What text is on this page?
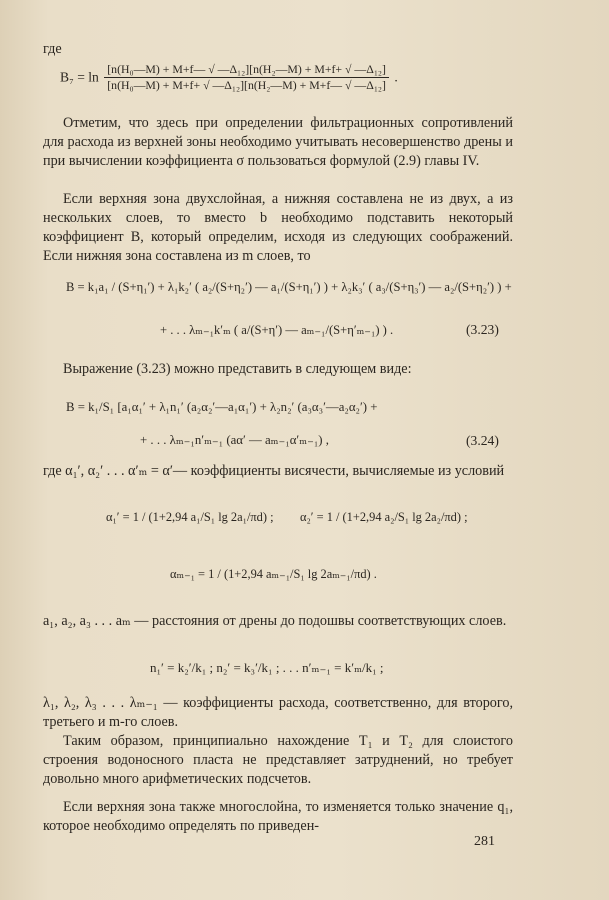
где
$B_7 = \ln \frac{\text{[n(H₀—M) + M+f— √ —Δ₁₂][n(H₂—M) + M+f+ √ —Δ₁₂]}}{\text{[n(H₀—M) + M+f+ √ —Δ₁₂][n(H₂—M) + M+f— √ —Δ₁₂]}}$ .
Отметим, что здесь при определении фильтрационных сопротивлений для расхода из верхней зоны необходимо учитывать несовершенство дрены и при вычислении коэффициента σ пользоваться формулой (2.9) главы IV.
Если верхняя зона двухслойная, а нижняя составлена не из двух, а из нескольких слоев, то вместо b необходимо подставить некоторый коэффициент B, который определим, исходя из следующих соображений. Если нижняя зона составлена из m слоев, то
B = k₁a₁ / (S+η₁′) + λ₁k₂′ ( a₂/(S+η₂′) — a₁/(S+η₁′) ) + λ₂k₃′ ( a₃/(S+η₃′) — a₂/(S+η₂′) ) +
+ . . . λₘ₋₁k′ₘ ( a/(S+η′) — aₘ₋₁/(S+η′ₘ₋₁) ) .	(3.23)
Выражение (3.23) можно представить в следующем виде:
B = k₁/S₁ [a₁α₁′ + λ₁n₁′ (a₂α₂′—a₁α₁′) + λ₂n₂′ (a₃α₃′—a₂α₂′) +
+ . . . λₘ₋₁n′ₘ₋₁ (aα′ — aₘ₋₁α′ₘ₋₁) ,	(3.24)
где α₁′, α₂′ . . . α′ₘ = α′— коэффициенты висячести, вычисляемые из условий
α₁′ = 1 / (1+2,94 a₁/S₁ lg 2a₁/πd) ; α₂′ = 1 / (1+2,94 a₂/S₁ lg 2a₂/πd) ;
αₘ₋₁ = 1 / (1+2,94 aₘ₋₁/S₁ lg 2aₘ₋₁/πd) .
a₁, a₂, a₃ . . . aₘ — расстояния от дрены до подошвы соответствующих слоев.
n₁′ = k₂′/k₁ ; n₂′ = k₃′/k₁ ; . . . n′ₘ₋₁ = k′ₘ/k₁ ;
λ₁, λ₂, λ₃ . . . λₘ₋₁ — коэффициенты расхода, соответственно, для второго, третьего и m-го слоев.
Таким образом, принципиально нахождение T₁ и T₂ для слоистого строения водоносного пласта не представляет затруднений, но требует довольно много арифметических подсчетов.
Если верхняя зона также многослойна, то изменяется только значение q₁, которое необходимо определять по приведен-
281
